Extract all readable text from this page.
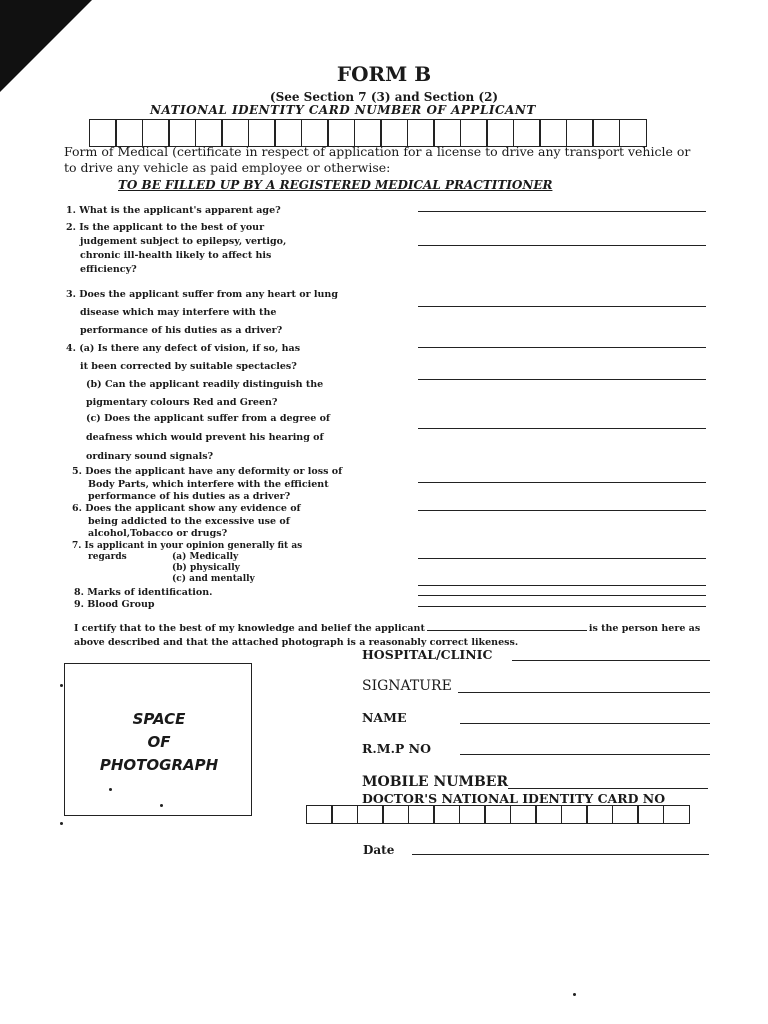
FORM B
(See Section 7 (3) and Section (2)
NATIONAL IDENTITY CARD NUMBER OF APPLICANT
Form of Medical (certificate in respect of application for a license to drive any transport vehicle or to drive any vehicle as paid employee or otherwise:
TO BE FILLED UP BY A REGISTERED MEDICAL PRACTITIONER
1. What is the applicant's apparent age?
2. Is the applicant to the best of your
judgement subject to epilepsy, vertigo,
chronic ill-health likely to affect his
efficiency?
3. Does the applicant suffer from any heart or lung
disease which may interfere with the
performance of his duties as a driver?
4. (a) Is there any defect of vision, if so, has
it been corrected by suitable spectacles?
(b) Can the applicant readily distinguish the
pigmentary colours Red and Green?
(c) Does the applicant suffer from a degree of
deafness which would prevent his hearing of
ordinary sound signals?
5. Does the applicant have any deformity or loss of
Body Parts, which interfere with the efficient
performance of his duties as a driver?
6. Does the applicant show any evidence of
being addicted to the excessive use of
alcohol,Tobacco or drugs?
7. Is applicant in your opinion generally fit as
regards	(a) Medically
(b) physically
(c) and mentally
8. Marks of identification.
9. Blood Group
I certify that to the best of my knowledge and belief the applicant	is the person here as
above described and that the attached photograph is a reasonably correct likeness.
SPACE
OF
PHOTOGRAPH
HOSPITAL/CLINIC
SIGNATURE
NAME
R.M.P NO
MOBILE NUMBER
DOCTOR'S NATIONAL IDENTITY CARD NO
Date
